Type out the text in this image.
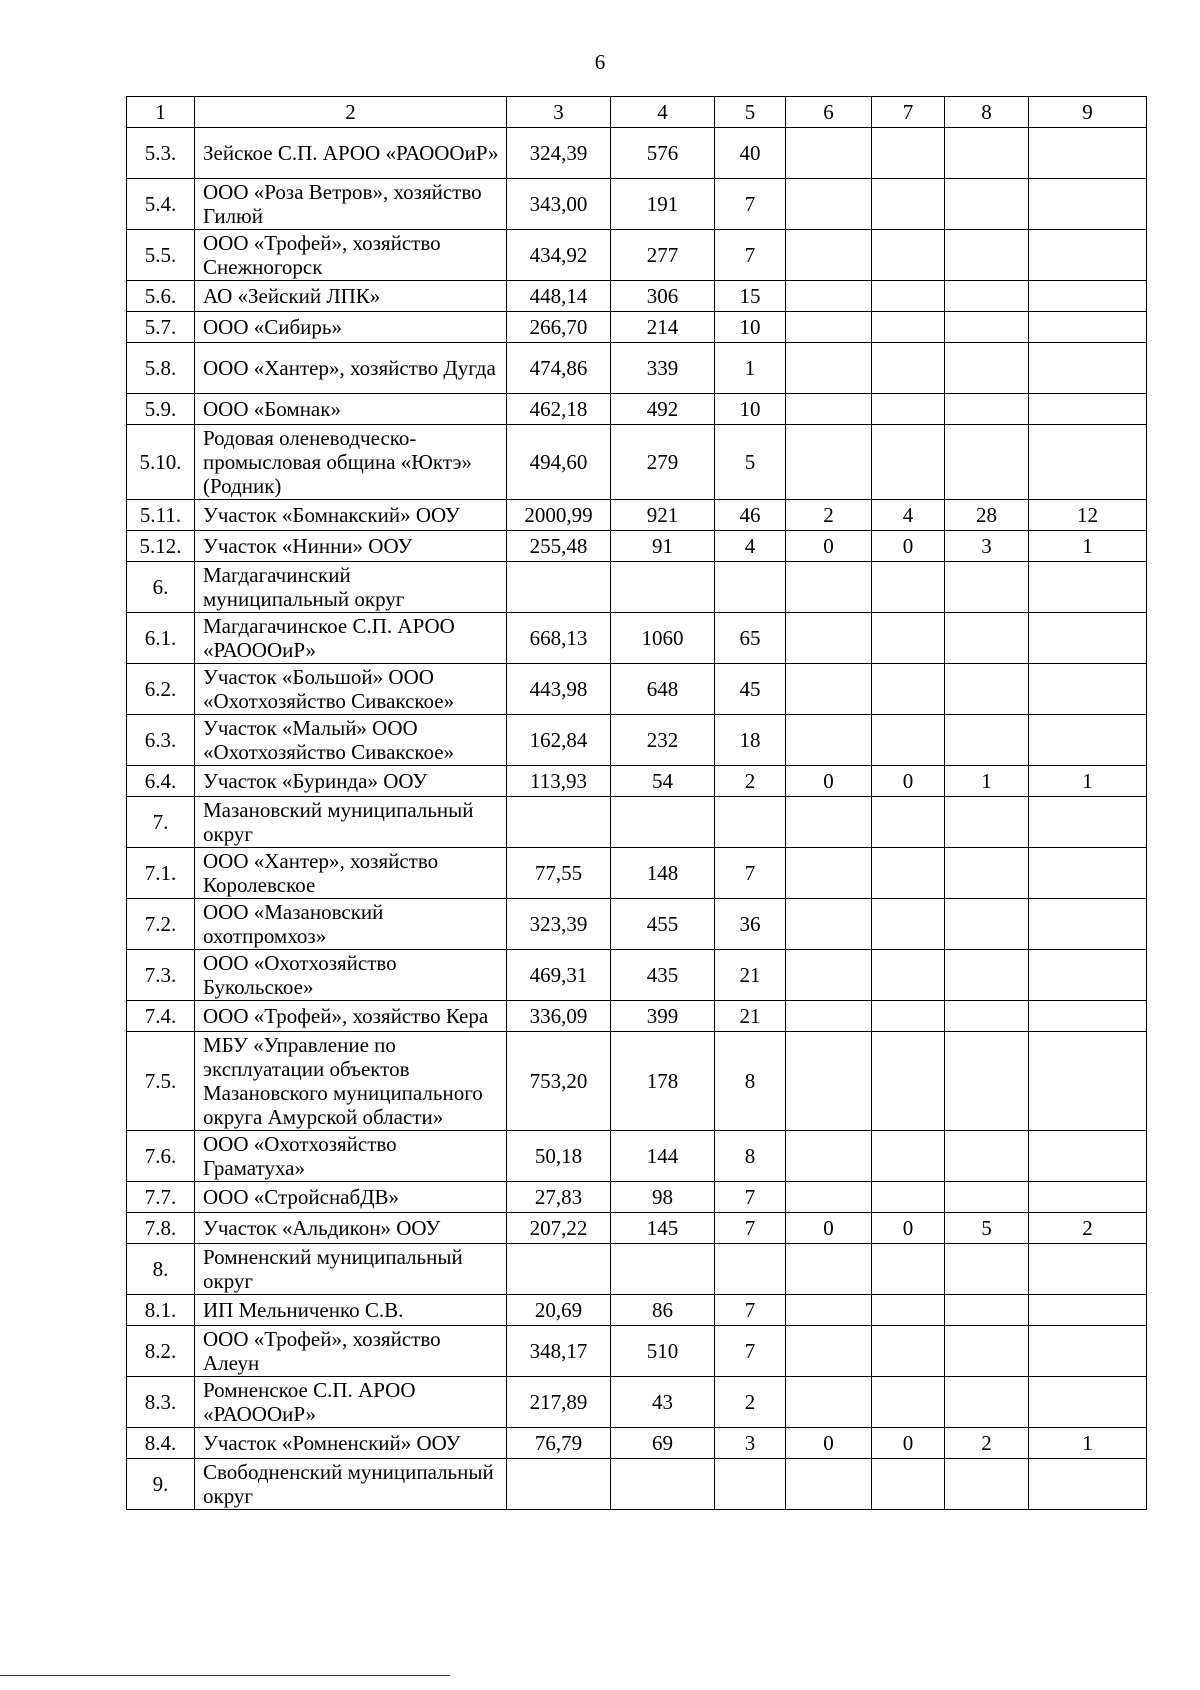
6
1	2	3	4	5	6	7	8	9
5.3.	Зейское С.П. АРОО «РАОООиР»	324,39	576	40				
5.4.	ООО «Роза Ветров», хозяйство Гилюй	343,00	191	7				
5.5.	ООО «Трофей», хозяйство Снежногорск	434,92	277	7				
5.6.	АО «Зейский ЛПК»	448,14	306	15				
5.7.	ООО «Сибирь»	266,70	214	10				
5.8.	ООО «Хантер», хозяйство Дугда	474,86	339	1				
5.9.	ООО «Бомнак»	462,18	492	10				
5.10.	Родовая оленеводческо-промысловая община «Юктэ» (Родник)	494,60	279	5				
5.11.	Участок «Бомнакский» ООУ	2000,99	921	46	2	4	28	12
5.12.	Участок «Нинни» ООУ	255,48	91	4	0	0	3	1
6.	Магдагачинский муниципальный округ							
6.1.	Магдагачинское С.П. АРОО «РАОООиР»	668,13	1060	65				
6.2.	Участок «Большой» ООО «Охотхозяйство Сивакское»	443,98	648	45				
6.3.	Участок «Малый» ООО «Охотхозяйство Сивакское»	162,84	232	18				
6.4.	Участок «Буринда» ООУ	113,93	54	2	0	0	1	1
7.	Мазановский муниципальный округ							
7.1.	ООО «Хантер», хозяйство Королевское	77,55	148	7				
7.2.	ООО «Мазановский охотпромхоз»	323,39	455	36				
7.3.	ООО «Охотхозяйство Букольское»	469,31	435	21				
7.4.	ООО «Трофей», хозяйство Кера	336,09	399	21				
7.5.	МБУ «Управление по эксплуатации объектов Мазановского муниципального округа Амурской области»	753,20	178	8				
7.6.	ООО «Охотхозяйство Граматуха»	50,18	144	8				
7.7.	ООО «СтройснабДВ»	27,83	98	7				
7.8.	Участок «Альдикон» ООУ	207,22	145	7	0	0	5	2
8.	Ромненский муниципальный округ							
8.1.	ИП Мельниченко С.В.	20,69	86	7				
8.2.	ООО «Трофей», хозяйство Алеун	348,17	510	7				
8.3.	Ромненское С.П. АРОО «РАОООиР»	217,89	43	2				
8.4.	Участок «Ромненский» ООУ	76,79	69	3	0	0	2	1
9.	Свободненский муниципальный округ							
